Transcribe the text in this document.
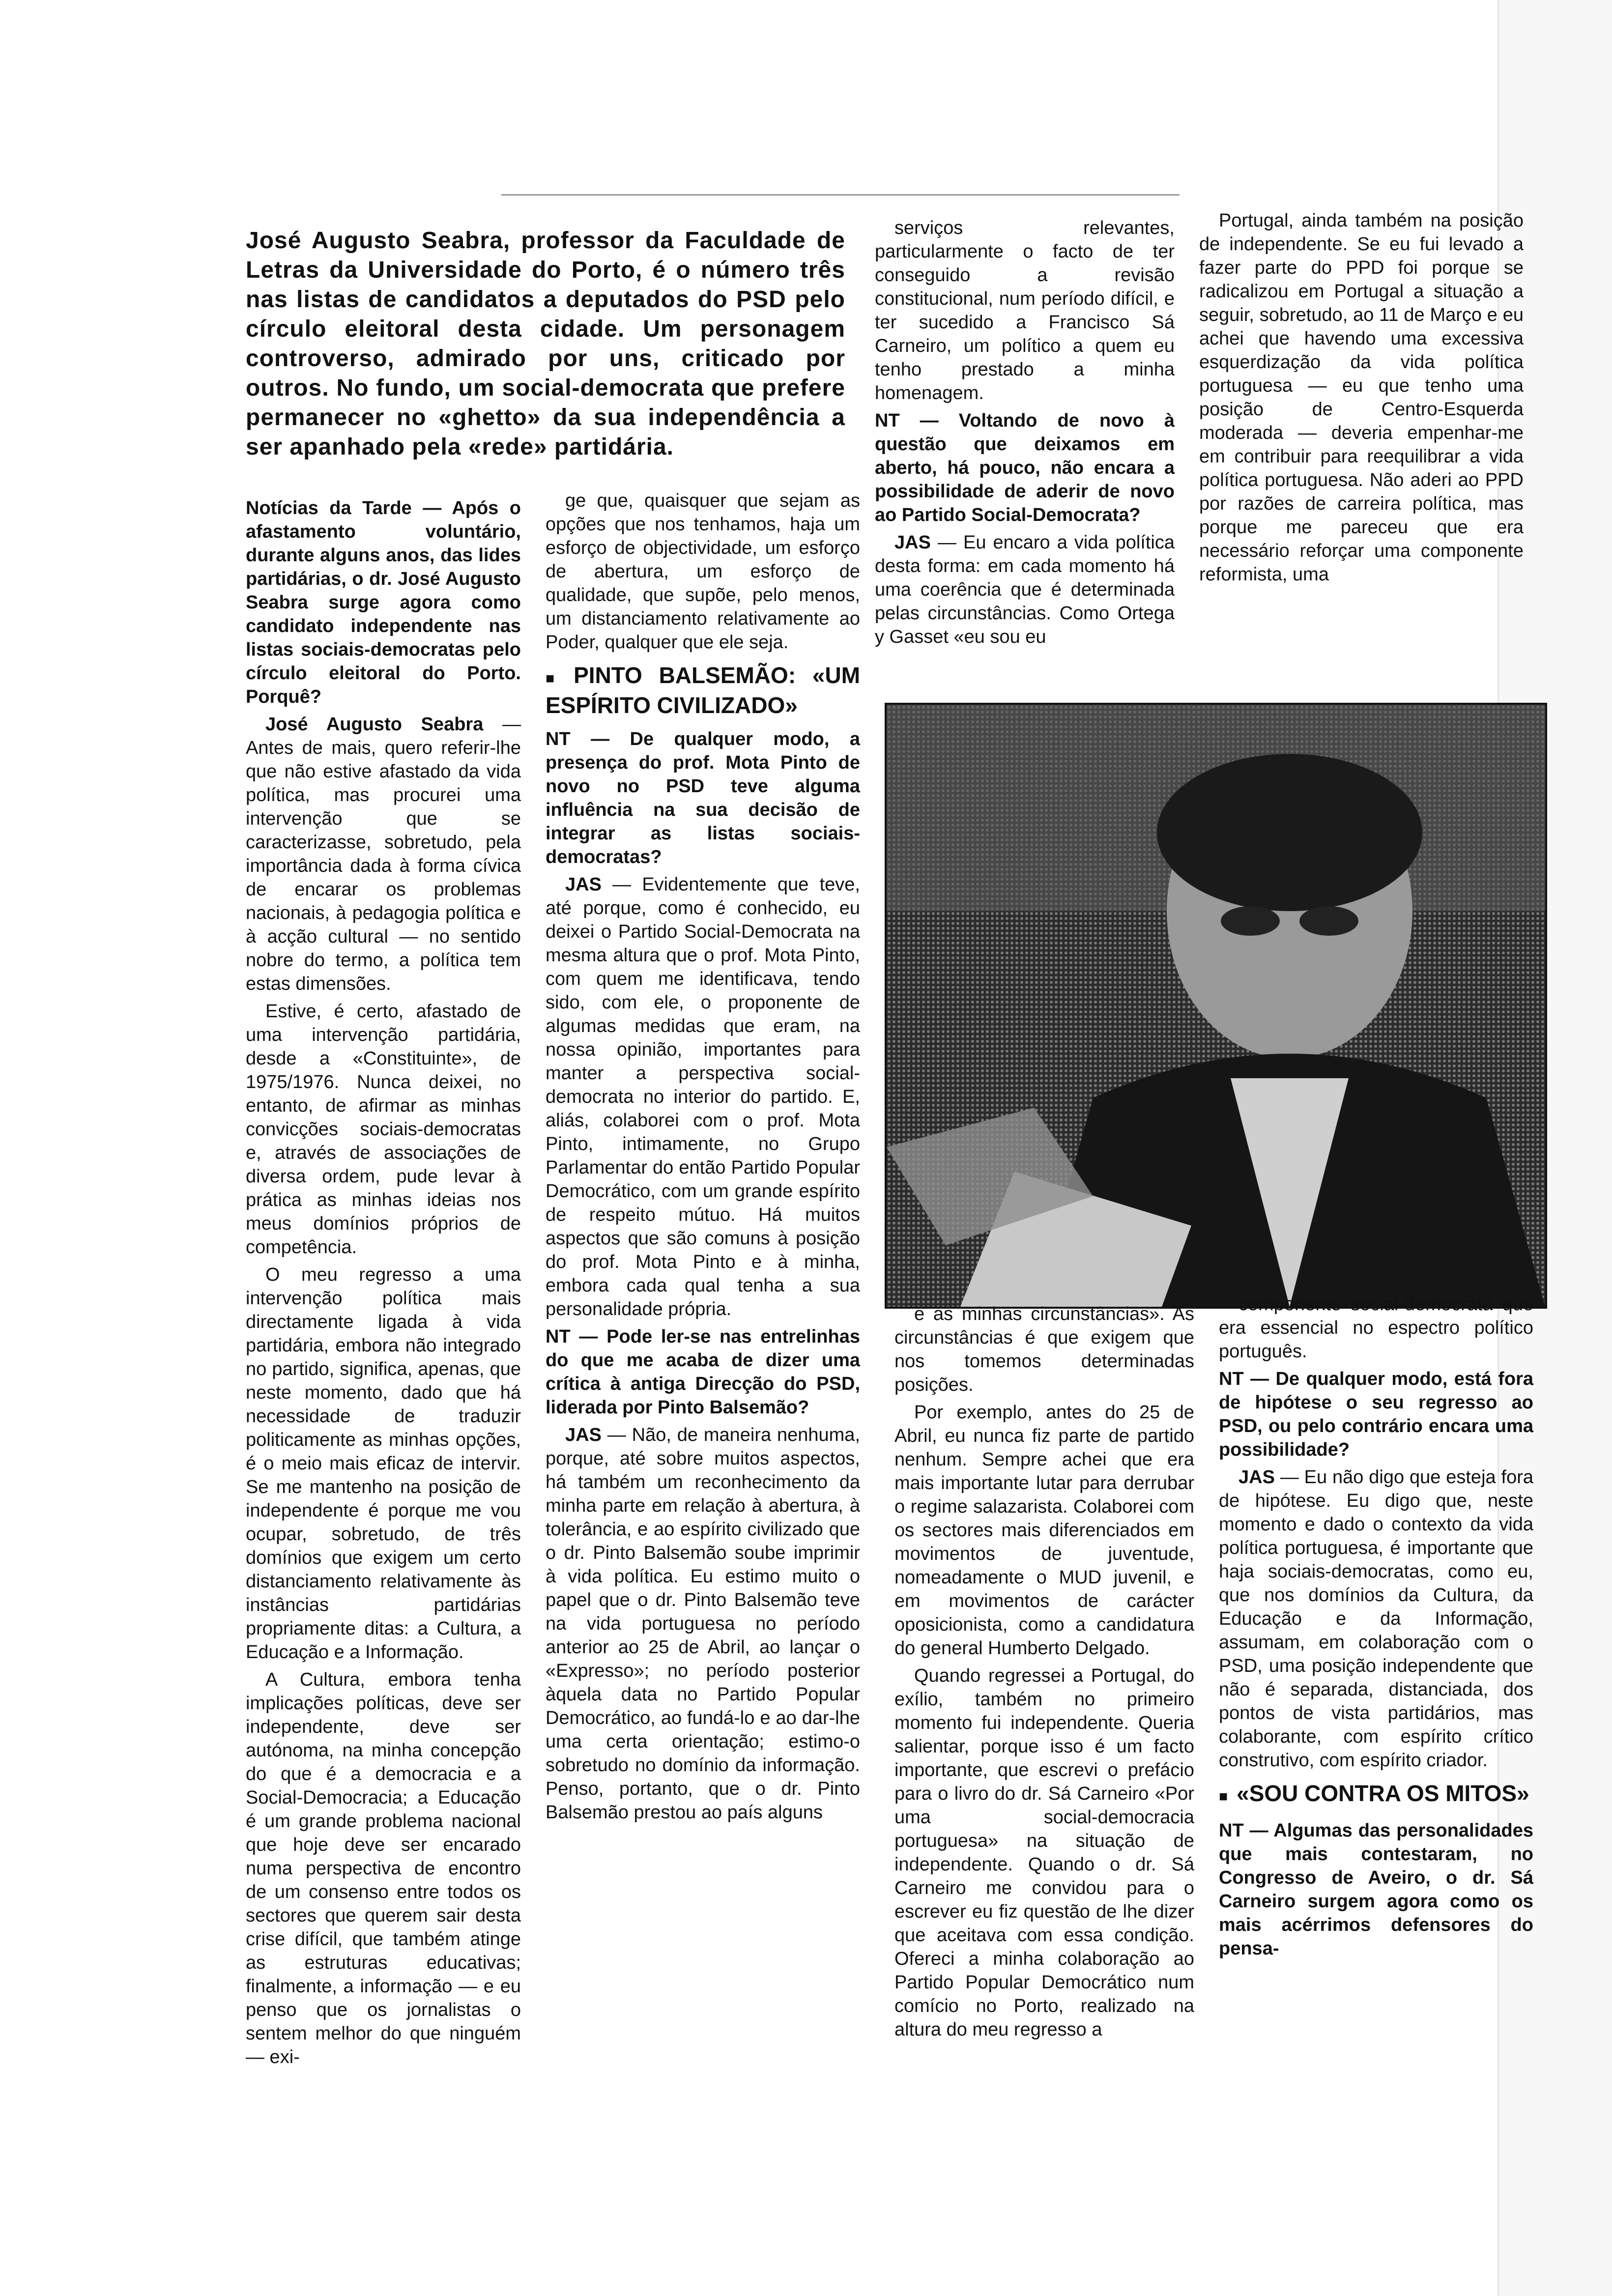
José Augusto Seabra, professor da Faculdade de Letras da Universidade do Porto, é o número três nas listas de candidatos a deputados do PSD pelo círculo eleitoral desta cidade. Um personagem controverso, admirado por uns, criticado por outros. No fundo, um social-democrata que prefere permanecer no «ghetto» da sua independência a ser apanhado pela «rede» partidária.

Notícias da Tarde — Após o afastamento voluntário, durante alguns anos, das lides partidárias, o dr. José Augusto Seabra surge agora como candidato independente nas listas sociais-democratas pelo círculo eleitoral do Porto. Porquê?

José Augusto Seabra — Antes de mais, quero referir-lhe que não estive afastado da vida política, mas procurei uma intervenção que se caracterizasse, sobretudo, pela importância dada à forma cívica de encarar os problemas nacionais, à pedagogia política e à acção cultural — no sentido nobre do termo, a política tem estas dimensões.

Estive, é certo, afastado de uma intervenção partidária, desde a «Constituinte», de 1975/1976. Nunca deixei, no entanto, de afirmar as minhas convicções sociais-democratas e, através de associações de diversa ordem, pude levar à prática as minhas ideias nos meus domínios próprios de competência.

O meu regresso a uma intervenção política mais directamente ligada à vida partidária, embora não integrado no partido, significa, apenas, que neste momento, dado que há necessidade de traduzir politicamente as minhas opções, é o meio mais eficaz de intervir. Se me mantenho na posição de independente é porque me vou ocupar, sobretudo, de três domínios que exigem um certo distanciamento relativamente às instâncias partidárias propriamente ditas: a Cultura, a Educação e a Informação.

A Cultura, embora tenha implicações políticas, deve ser independente, deve ser autónoma, na minha concepção do que é a democracia e a Social-Democracia; a Educação é um grande problema nacional que hoje deve ser encarado numa perspectiva de encontro de um consenso entre todos os sectores que querem sair desta crise difícil, que também atinge as estruturas educativas; finalmente, a informação — e eu penso que os jornalistas o sentem melhor do que ninguém — exi-

ge que, quaisquer que sejam as opções que nos tenhamos, haja um esforço de objectividade, um esforço de abertura, um esforço de qualidade, que supõe, pelo menos, um distanciamento relativamente ao Poder, qualquer que ele seja.

■ PINTO BALSEMÃO: «UM ESPÍRITO CIVILIZADO»

NT — De qualquer modo, a presença do prof. Mota Pinto de novo no PSD teve alguma influência na sua decisão de integrar as listas sociais-democratas?

JAS — Evidentemente que teve, até porque, como é conhecido, eu deixei o Partido Social-Democrata na mesma altura que o prof. Mota Pinto, com quem me identificava, tendo sido, com ele, o proponente de algumas medidas que eram, na nossa opinião, importantes para manter a perspectiva social-democrata no interior do partido. E, aliás, colaborei com o prof. Mota Pinto, intimamente, no Grupo Parlamentar do então Partido Popular Democrático, com um grande espírito de respeito mútuo. Há muitos aspectos que são comuns à posição do prof. Mota Pinto e à minha, embora cada qual tenha a sua personalidade própria.

NT — Pode ler-se nas entrelinhas do que me acaba de dizer uma crítica à antiga Direcção do PSD, liderada por Pinto Balsemão?

JAS — Não, de maneira nenhuma, porque, até sobre muitos aspectos, há também um reconhecimento da minha parte em relação à abertura, à tolerância, e ao espírito civilizado que o dr. Pinto Balsemão soube imprimir à vida política. Eu estimo muito o papel que o dr. Pinto Balsemão teve na vida portuguesa no período anterior ao 25 de Abril, ao lançar o «Expresso»; no período posterior àquela data no Partido Popular Democrático, ao fundá-lo e ao dar-lhe uma certa orientação; estimo-o sobretudo no domínio da informação. Penso, portanto, que o dr. Pinto Balsemão prestou ao país alguns

serviços relevantes, particularmente o facto de ter conseguido a revisão constitucional, num período difícil, e ter sucedido a Francisco Sá Carneiro, um político a quem eu tenho prestado a minha homenagem.

NT — Voltando de novo à questão que deixamos em aberto, há pouco, não encara a possibilidade de aderir de novo ao Partido Social-Democrata?

JAS — Eu encaro a vida política desta forma: em cada momento há uma coerência que é determinada pelas circunstâncias. Como Ortega y Gasset «eu sou eu

Portugal, ainda também na posição de independente. Se eu fui levado a fazer parte do PPD foi porque se radicalizou em Portugal a situação a seguir, sobretudo, ao 11 de Março e eu achei que havendo uma excessiva esquerdização da vida política portuguesa — eu que tenho uma posição de Centro-Esquerda moderada — deveria empenhar-me em contribuir para reequilibrar a vida política portuguesa. Não aderi ao PPD por razões de carreira política, mas porque me pareceu que era necessário reforçar uma componente reformista, uma

e as minhas circunstâncias». As circunstâncias é que exigem que nos tomemos determinadas posições.

Por exemplo, antes do 25 de Abril, eu nunca fiz parte de partido nenhum. Sempre achei que era mais importante lutar para derrubar o regime salazarista. Colaborei com os sectores mais diferenciados em movimentos de juventude, nomeadamente o MUD juvenil, e em movimentos de carácter oposicionista, como a candidatura do general Humberto Delgado.

Quando regressei a Portugal, do exílio, também no primeiro momento fui independente. Queria salientar, porque isso é um facto importante, que escrevi o prefácio para o livro do dr. Sá Carneiro «Por uma social-democracia portuguesa» na situação de independente. Quando o dr. Sá Carneiro me convidou para o escrever eu fiz questão de lhe dizer que aceitava com essa condição. Ofereci a minha colaboração ao Partido Popular Democrático num comício no Porto, realizado na altura do meu regresso a

componente social-democrata que era essencial no espectro político português.

NT — De qualquer modo, está fora de hipótese o seu regresso ao PSD, ou pelo contrário encara uma possibilidade?

JAS — Eu não digo que esteja fora de hipótese. Eu digo que, neste momento e dado o contexto da vida política portuguesa, é importante que haja sociais-democratas, como eu, que nos domínios da Cultura, da Educação e da Informação, assumam, em colaboração com o PSD, uma posição independente que não é separada, distanciada, dos pontos de vista partidários, mas colaborante, com espírito crítico construtivo, com espírito criador.

■ «SOU CONTRA OS MITOS»

NT — Algumas das personalidades que mais contestaram, no Congresso de Aveiro, o dr. Sá Carneiro surgem agora como os mais acérrimos defensores do pensa-
